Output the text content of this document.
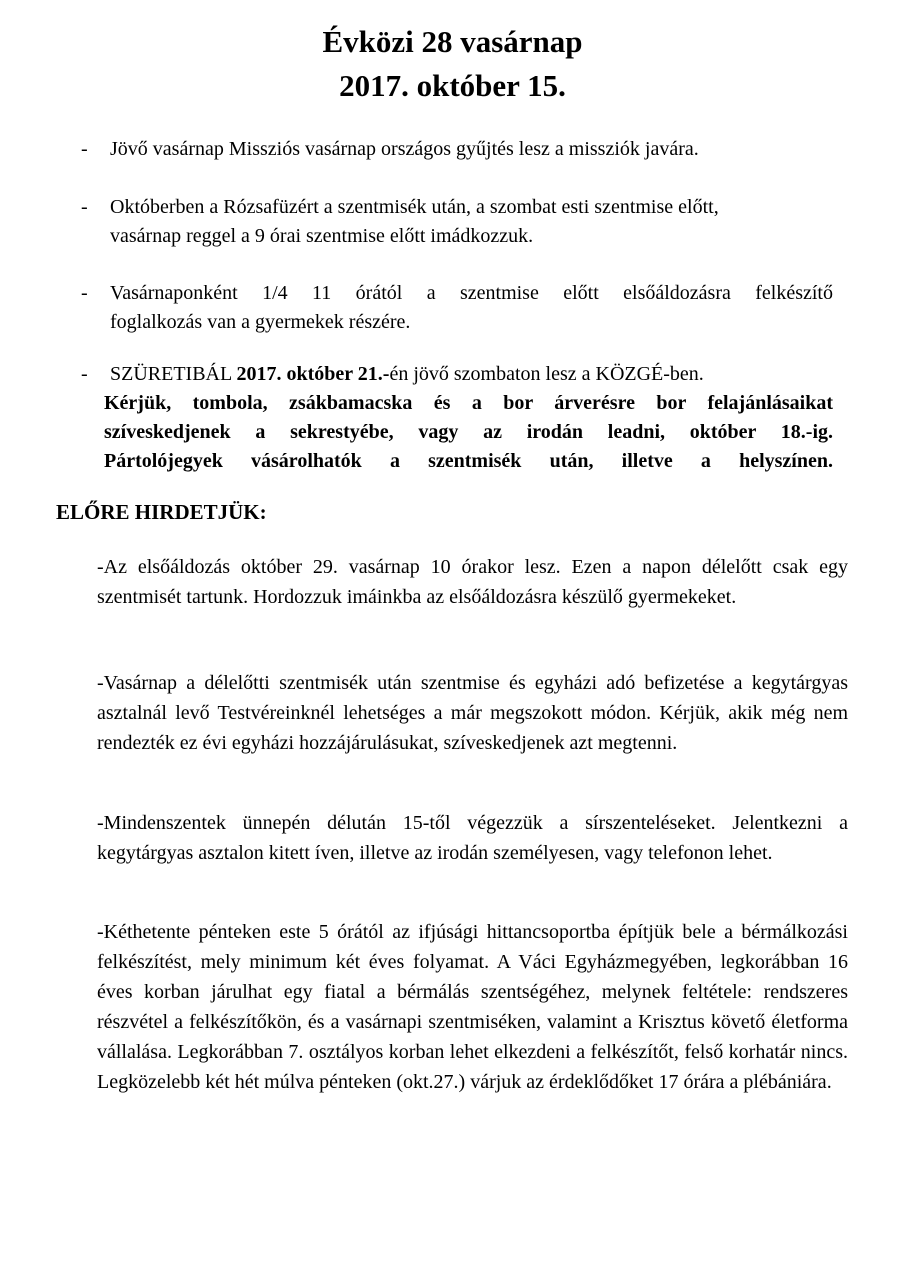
Évközi 28 vasárnap
2017. október 15.
- Jövő vasárnap Missziós vasárnap országos gyűjtés lesz a missziók javára.

- Októberben a Rózsafüzért a szentmisék után, a szombat esti szentmise előtt,

vasárnap reggel a 9 órai szentmise előtt imádkozzuk.

- Vasárnaponként 1/4 11 órától a szentmise előtt elsőáldozásra felkészítő

foglalkozás van a gyermekek részére.

- SZÜRETIBÁL 2017. október 21.-én jövő szombaton lesz a KÖZGÉ-ben.

Kérjük, tombola, zsákbamacska és a bor árverésre bor felajánlásaikat

szíveskedjenek a sekrestyébe, vagy az irodán leadni, október 18.-ig.

Pártolójegyek vásárolhatók a szentmisék után, illetve a helyszínen.

ELŐRE HIRDETJÜK:

-Az elsőáldozás október 29. vasárnap 10 órakor lesz. Ezen a napon délelőtt csak egy szentmisét tartunk. Hordozzuk imáinkba az elsőáldozásra készülő gyermekeket.

-Vasárnap a délelőtti szentmisék után szentmise és egyházi adó befizetése a kegytárgyas asztalnál levő Testvéreinknél lehetséges a már megszokott módon. Kérjük, akik még nem rendezték ez évi egyházi hozzájárulásukat, szíveskedjenek azt megtenni.

-Mindenszentek ünnepén délután 15-től végezzük a sírszenteléseket. Jelentkezni a kegytárgyas asztalon kitett íven, illetve az irodán személyesen, vagy telefonon lehet.

-Kéthetente pénteken este 5 órától az ifjúsági hittancsoportba építjük bele a bérmálkozási felkészítést, mely minimum két éves folyamat. A Váci Egyházmegyében, legkorábban 16 éves korban járulhat egy fiatal a bérmálás szentségéhez, melynek feltétele: rendszeres részvétel a felkészítőkön, és a vasárnapi szentmiséken, valamint a Krisztus követő életforma vállalása. Legkorábban 7. osztályos korban lehet elkezdeni a felkészítőt, felső korhatár nincs. Legközelebb két hét múlva pénteken (okt.27.) várjuk az érdeklődőket 17 órára a plébániára.
